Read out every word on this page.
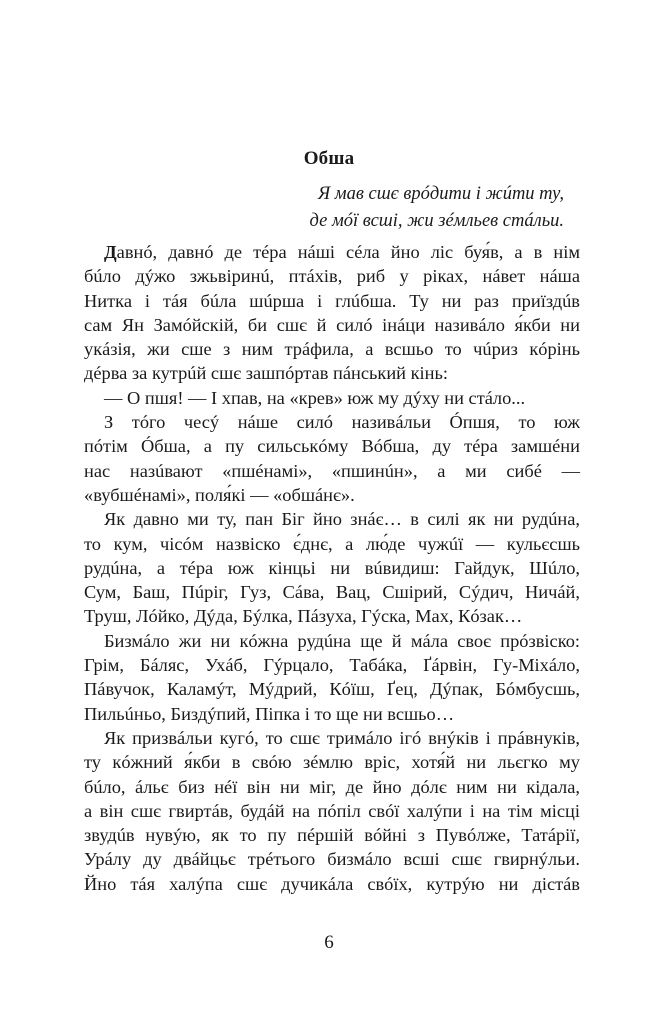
Обша
Я мав сшє врóдити і жúти ту,
де мóї всші, жи зéмльев стáльи.
Давнó, давнó де тéра нáші сéла йно ліс буя́в, а в нім
бúло дýжо зжьвіринú, птáхів, риб у ріках, нáвет нáша
Нитка і тáя бúла шúрша і глúбша. Ту ни раз приїздúв
сам Ян Замóйскій, би сшє й силó інáци називáло я́кби ни
укáзія, жи сше з ним трáфила, а всшьо то чúриз кóрінь
дéрва за кутрúй сшє зашпóртав пáнський кінь:
— О пшя! — І хпав, на «крев» юж му дýху ни стáло...
З тóго чесý нáше силó називáльи Óпшя, то юж
пóтім Óбша, а пу сильськóму Вóбша, ду тéра замшéни
нас назúвают «пшéнамі», «пшинúн», а ми сибé —
«вубшéнамі», поля́кі — «обшáнє».
Як давно ми ту, пан Біг йно знáє… в силі як ни рудúна,
то кум, чісóм назвіско є́днє, а лю́де чужúї — кульєсшь
рудúна, а тéра юж кінцьі ни вúвидиш: Гайдук, Шúло,
Сум, Баш, Пúріг, Гуз, Сáва, Вац, Сшірий, Сýдич, Ничáй,
Труш, Лóйко, Дýда, Бýлка, Пáзуха, Гýска, Мах, Кóзак…
Бизмáло жи ни кóжна рудúна ще й мáла своє прóзвіско:
Грім, Бáляс, Ухáб, Гýрцало, Табáка, Ґáрвін, Гу-Міхáло,
Пáвучок, Каламýт, Мýдрий, Кóїш, Ґец, Дýпак, Бóмбусшь,
Пильúньо, Биздýпий, Піпка і то ще ни всшьо…
Як призвáльи кугó, то сшє тримáло ігó внýків і прáвнуків,
ту кóжний я́кби в свóю зéмлю вріс, хотя́й ни льєгко му
бúло, áльє биз нéї він ни міг, де йно дóлє ним ни кідала,
а він сшє гвиртáв, будáй на пóпіл свóї халýпи і на тім місці
звудúв нувýю, як то пу пéршій вóйні з Пувóлже, Татáрії,
Урáлу ду двáйцьє трéтього бизмáло всші сшє гвирнýльи.
Йно тáя халýпа сшє дучикáла свóїх, кутрýю ни дістáв
6
